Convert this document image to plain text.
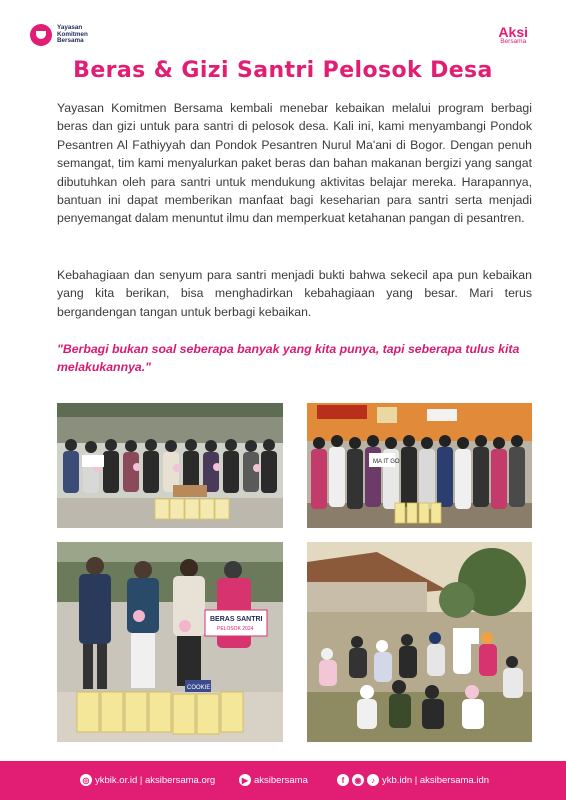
Yayasan
Komitmen
Bersama
Aksi
Bersama
Beras & Gizi Santri Pelosok Desa

Yayasan Komitmen Bersama kembali menebar kebaikan melalui program berbagi beras dan gizi untuk para santri di pelosok desa. Kali ini, kami menyambangi Pondok Pesantren Al Fathiyyah dan Pondok Pesantren Nurul Ma'ani di Bogor. Dengan penuh semangat, tim kami menyalurkan paket beras dan bahan makanan bergizi yang sangat dibutuhkan oleh para santri untuk mendukung aktivitas belajar mereka. Harapannya, bantuan ini dapat memberikan manfaat bagi keseharian para santri serta menjadi penyemangat dalam menuntut ilmu dan memperkuat ketahanan pangan di pesantren.

Kebahagiaan dan senyum para santri menjadi bukti bahwa sekecil apa pun kebaikan yang kita berikan, bisa menghadirkan kebahagiaan yang besar. Mari terus bergandengan tangan untuk berbagi kebaikan.

"Berbagi bukan soal seberapa banyak yang kita punya, tapi seberapa tulus kita melakukannya."

MA IT GO
BERAS SANTRI
PELOSOK 2024
COOKIE
◎ ykbik.or.id | aksibersama.org	▶ aksibersama	f	◉	♪ ykb.idn | aksibersama.idn
